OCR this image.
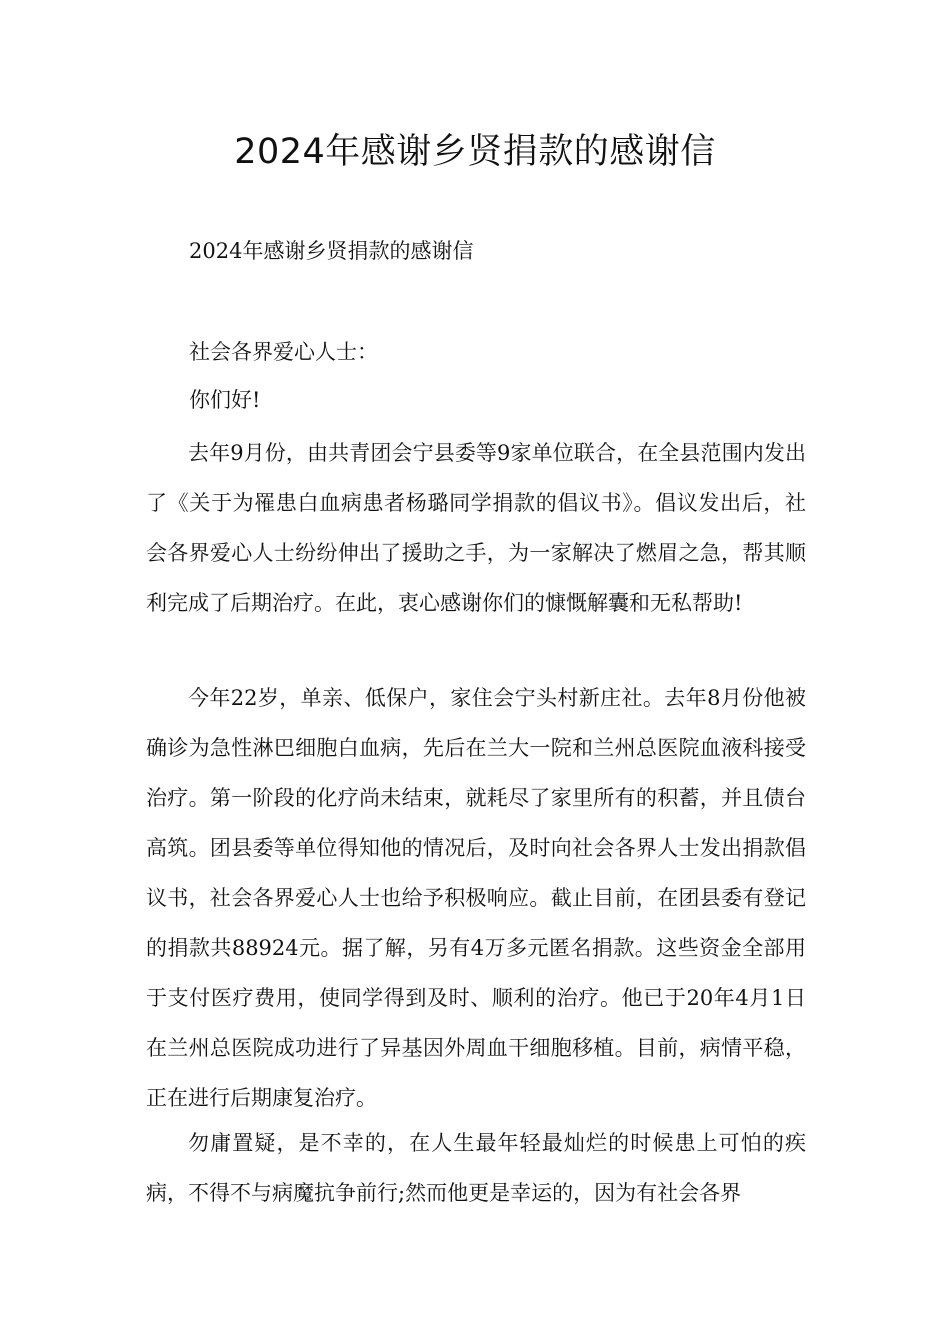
2024年感谢乡贤捐款的感谢信

2024年感谢乡贤捐款的感谢信

社会各界爱心人士：

你们好!

去年9月份，由共青团会宁县委等9家单位联合，在全县范围内发出了《关于为罹患白血病患者杨璐同学捐款的倡议书》。倡议发出后，社会各界爱心人士纷纷伸出了援助之手，为一家解决了燃眉之急，帮其顺利完成了后期治疗。在此，衷心感谢你们的慷慨解囊和无私帮助!

今年22岁，单亲、低保户，家住会宁头村新庄社。去年8月份他被确诊为急性淋巴细胞白血病，先后在兰大一院和兰州总医院血液科接受治疗。第一阶段的化疗尚未结束，就耗尽了家里所有的积蓄，并且债台高筑。团县委等单位得知他的情况后，及时向社会各界人士发出捐款倡议书，社会各界爱心人士也给予积极响应。截止目前，在团县委有登记的捐款共88924元。据了解，另有4万多元匿名捐款。这些资金全部用于支付医疗费用，使同学得到及时、顺利的治疗。他已于20年4月1日在兰州总医院成功进行了异基因外周血干细胞移植。目前，病情平稳，正在进行后期康复治疗。

勿庸置疑，是不幸的，在人生最年轻最灿烂的时候患上可怕的疾病，不得不与病魔抗争前行;然而他更是幸运的，因为有社会各界
